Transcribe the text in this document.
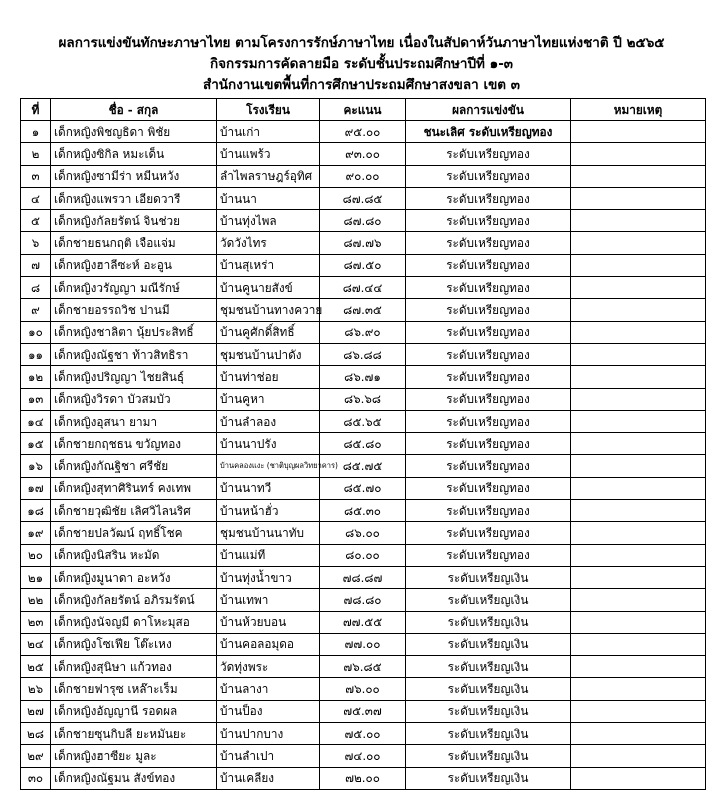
ผลการแข่งขันทักษะภาษาไทย ตามโครงการรักษ์ภาษาไทย เนื่องในสัปดาห์วันภาษาไทยแห่งชาติ ปี ๒๕๖๕
กิจกรรมการคัดลายมือ ระดับชั้นประถมศึกษาปีที่ ๑-๓
สำนักงานเขตพื้นที่การศึกษาประถมศึกษาสงขลา เขต ๓
ที่	ชื่อ - สกุล	โรงเรียน	คะแนน	ผลการแข่งขัน	หมายเหตุ
๑	เด็กหญิงพิชญธิดา พิชัย	บ้านเก่า	๙๕.๐๐	ชนะเลิศ ระดับเหรียญทอง	
๒	เด็กหญิงซิกิล หมะเด็น	บ้านแพร้ว	๙๓.๐๐	ระดับเหรียญทอง	
๓	เด็กหญิงซามีร่า หมีนหวัง	ลำไพลราษฎร์อุทิศ	๙๐.๐๐	ระดับเหรียญทอง	
๔	เด็กหญิงแพรวา เอียดวารี	บ้านนา	๘๗.๘๕	ระดับเหรียญทอง	
๕	เด็กหญิงกัลยรัตน์ จินช่วย	บ้านทุ่งไพล	๘๗.๘๐	ระดับเหรียญทอง	
๖	เด็กชายธนกฤติ เจือแจ่ม	วัดวังไทร	๘๗.๗๖	ระดับเหรียญทอง	
๗	เด็กหญิงฮาลีซะห์ อะอูน	บ้านสุเหร่า	๘๗.๕๐	ระดับเหรียญทอง	
๘	เด็กหญิงวรัญญา มณีรักษ์	บ้านคูนายสังข์	๘๗.๔๔	ระดับเหรียญทอง	
๙	เด็กชายอรรถวิช ปานมี	ชุมชนบ้านทางควาย	๘๗.๓๕	ระดับเหรียญทอง	
๑๐	เด็กหญิงชาลิตา นุ้ยประสิทธิ์	บ้านคูศักดิ์สิทธิ์	๘๖.๙๐	ระดับเหรียญทอง	
๑๑	เด็กหญิงณัฐชา ท้าวสิทธิรา	ชุมชนบ้านปาดัง	๘๖.๘๘	ระดับเหรียญทอง	
๑๒	เด็กหญิงปริญญา ไชยสินธุ์	บ้านท่าช่อย	๘๖.๗๑	ระดับเหรียญทอง	
๑๓	เด็กหญิงวิรดา บัวสมบัว	บ้านคูหา	๘๖.๖๘	ระดับเหรียญทอง	
๑๔	เด็กหญิงอุสนา ยามา	บ้านลำลอง	๘๕.๖๕	ระดับเหรียญทอง	
๑๕	เด็กชายกฤชธน ขวัญทอง	บ้านนาปรัง	๘๕.๘๐	ระดับเหรียญทอง	
๑๖	เด็กหญิงกัณฐิชา ศรีชัย	บ้านคลองแงะ (ชาติบุญผลวิทยาคาร)	๘๕.๗๕	ระดับเหรียญทอง	
๑๗	เด็กหญิงสุทาศิรินทร์ คงเทพ	บ้านนาทวี	๘๕.๗๐	ระดับเหรียญทอง	
๑๘	เด็กชายวุฒิชัย เลิศวิไลนริศ	บ้านหน้าฮั่ว	๘๕.๓๐	ระดับเหรียญทอง	
๑๙	เด็กชายปลวัฒน์ ฤทธิ์โชค	ชุมชนบ้านนาทับ	๘๖.๐๐	ระดับเหรียญทอง	
๒๐	เด็กหญิงนิสริน หะมัด	บ้านแม่ที	๘๐.๐๐	ระดับเหรียญทอง	
๒๑	เด็กหญิงมูนาดา อะหวัง	บ้านทุ่งน้ำขาว	๗๘.๘๗	ระดับเหรียญเงิน	
๒๒	เด็กหญิงกัลยรัตน์ อภิรมรัตน์	บ้านเทพา	๗๘.๘๐	ระดับเหรียญเงิน	
๒๓	เด็กหญิงนัจญมี ดาโหะมุสอ	บ้านห้วยบอน	๗๗.๕๕	ระดับเหรียญเงิน	
๒๔	เด็กหญิงโซเฟีย โต๊ะเหง	บ้านคอลอมุดอ	๗๗.๐๐	ระดับเหรียญเงิน	
๒๕	เด็กหญิงสุนิษา แก้วทอง	วัดทุ่งพระ	๗๖.๘๕	ระดับเหรียญเงิน	
๒๖	เด็กชายฟารุซ เหล๊าะเร็ม	บ้านลางา	๗๖.๐๐	ระดับเหรียญเงิน	
๒๗	เด็กหญิงอัญญานี รอดผล	บ้านป็อง	๗๕.๓๗	ระดับเหรียญเงิน	
๒๘	เด็กชายซุนกิบลี ยะหมันยะ	บ้านปากบาง	๗๕.๐๐	ระดับเหรียญเงิน	
๒๙	เด็กหญิงฮาซียะ มูละ	บ้านลำเปา	๗๔.๐๐	ระดับเหรียญเงิน	
๓๐	เด็กหญิงณัฐมน สังข์ทอง	บ้านเคลียง	๗๒.๐๐	ระดับเหรียญเงิน	
